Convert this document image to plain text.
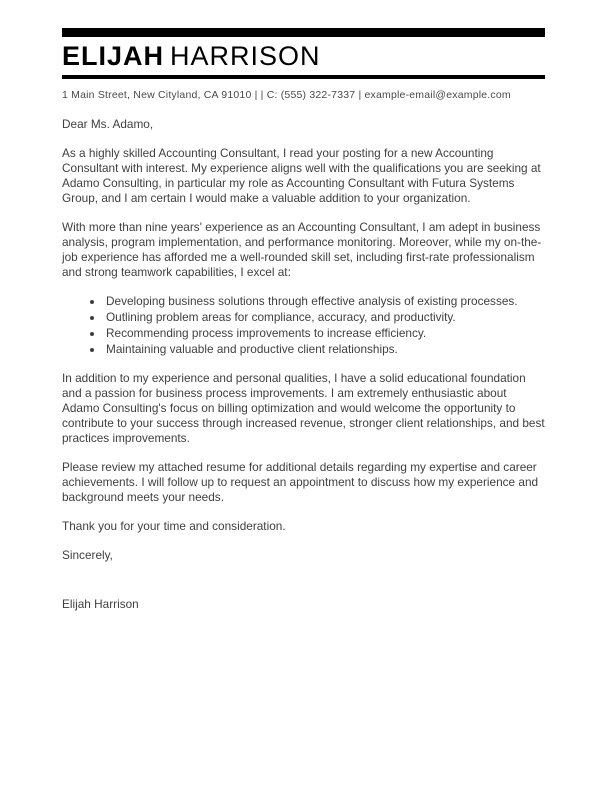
ELIJAH HARRISON
1 Main Street, New Cityland, CA 91010 | | C: (555) 322-7337 | example-email@example.com

Dear Ms. Adamo,

As a highly skilled Accounting Consultant, I read your posting for a new Accounting Consultant with interest. My experience aligns well with the qualifications you are seeking at Adamo Consulting, in particular my role as Accounting Consultant with Futura Systems Group, and I am certain I would make a valuable addition to your organization.

With more than nine years' experience as an Accounting Consultant, I am adept in business analysis, program implementation, and performance monitoring. Moreover, while my on-the-job experience has afforded me a well-rounded skill set, including first-rate professionalism and strong teamwork capabilities, I excel at:

• Developing business solutions through effective analysis of existing processes.
• Outlining problem areas for compliance, accuracy, and productivity.
• Recommending process improvements to increase efficiency.
• Maintaining valuable and productive client relationships.

In addition to my experience and personal qualities, I have a solid educational foundation and a passion for business process improvements. I am extremely enthusiastic about Adamo Consulting's focus on billing optimization and would welcome the opportunity to contribute to your success through increased revenue, stronger client relationships, and best practices improvements.

Please review my attached resume for additional details regarding my expertise and career achievements. I will follow up to request an appointment to discuss how my experience and background meets your needs.

Thank you for your time and consideration.

Sincerely,

Elijah Harrison
